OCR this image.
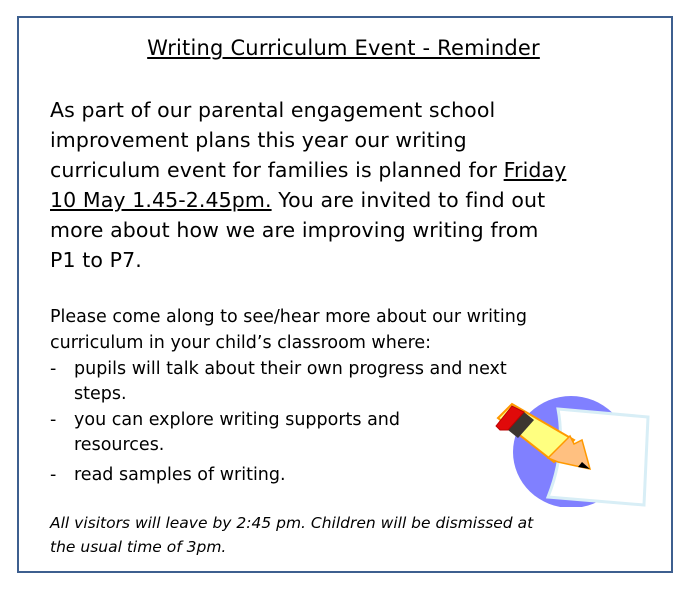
Writing Curriculum Event - Reminder
As part of our parental engagement school
improvement plans this year our writing
curriculum event for families is planned for Friday
10 May 1.45-2.45pm. You are invited to find out
more about how we are improving writing from
P1 to P7.
Please come along to see/hear more about our writing
curriculum in your child’s classroom where:
- pupils will talk about their own progress and next
steps.
- you can explore writing supports and
resources.
- read samples of writing.
All visitors will leave by 2:45 pm. Children will be dismissed at
the usual time of 3pm.
